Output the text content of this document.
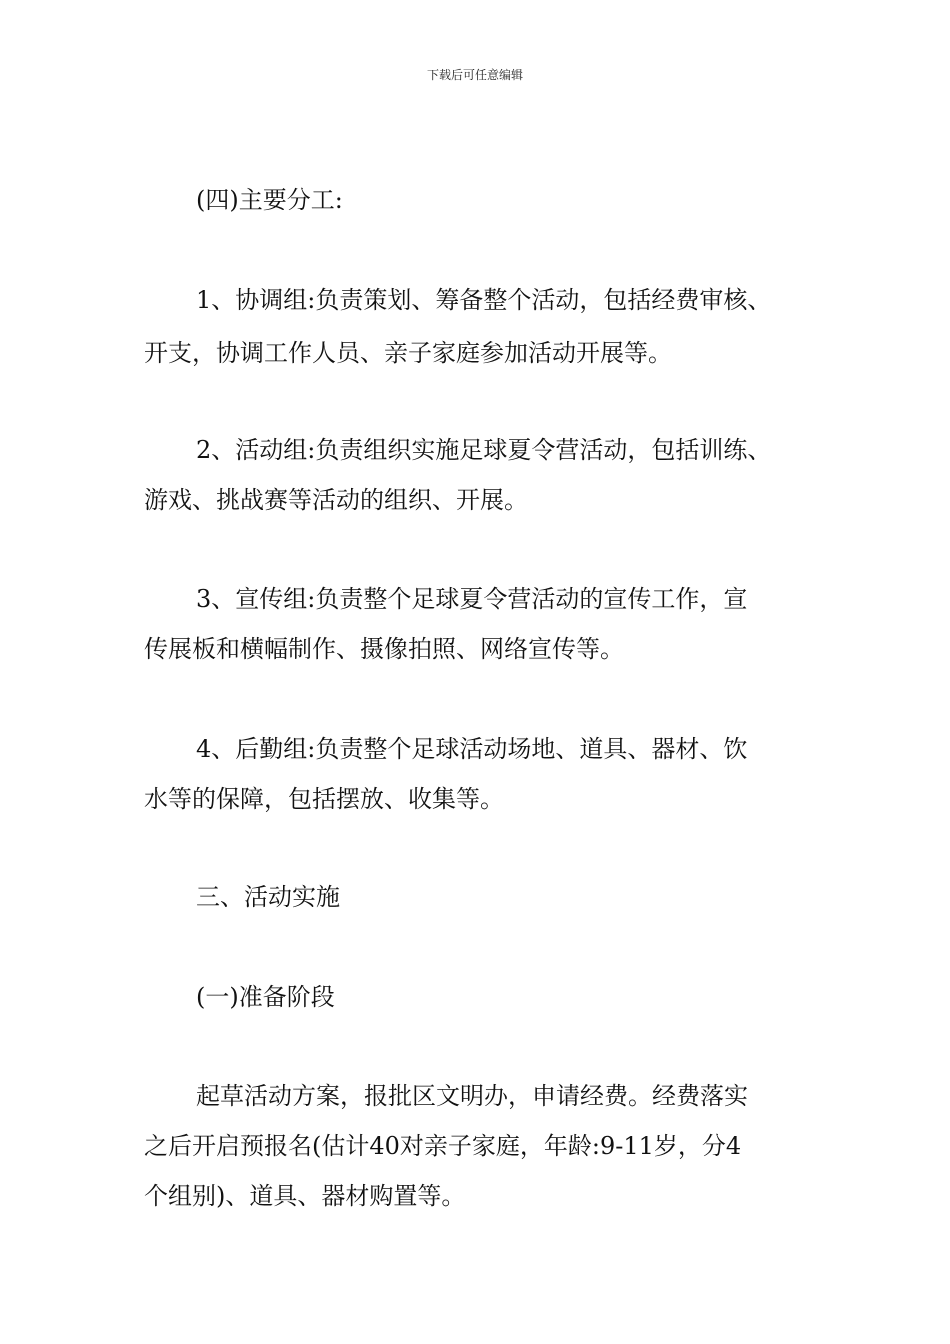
下载后可任意编辑
(四)主要分工:
1、协调组:负责策划、筹备整个活动，包括经费审核、
开支，协调工作人员、亲子家庭参加活动开展等。
2、活动组:负责组织实施足球夏令营活动，包括训练、
游戏、挑战赛等活动的组织、开展。
3、宣传组:负责整个足球夏令营活动的宣传工作，宣
传展板和横幅制作、摄像拍照、网络宣传等。
4、后勤组:负责整个足球活动场地、道具、器材、饮
水等的保障，包括摆放、收集等。
三、活动实施
(一)准备阶段
起草活动方案，报批区文明办，申请经费。经费落实
之后开启预报名(估计40对亲子家庭，年龄:9-11岁，分4
个组别)、道具、器材购置等。
